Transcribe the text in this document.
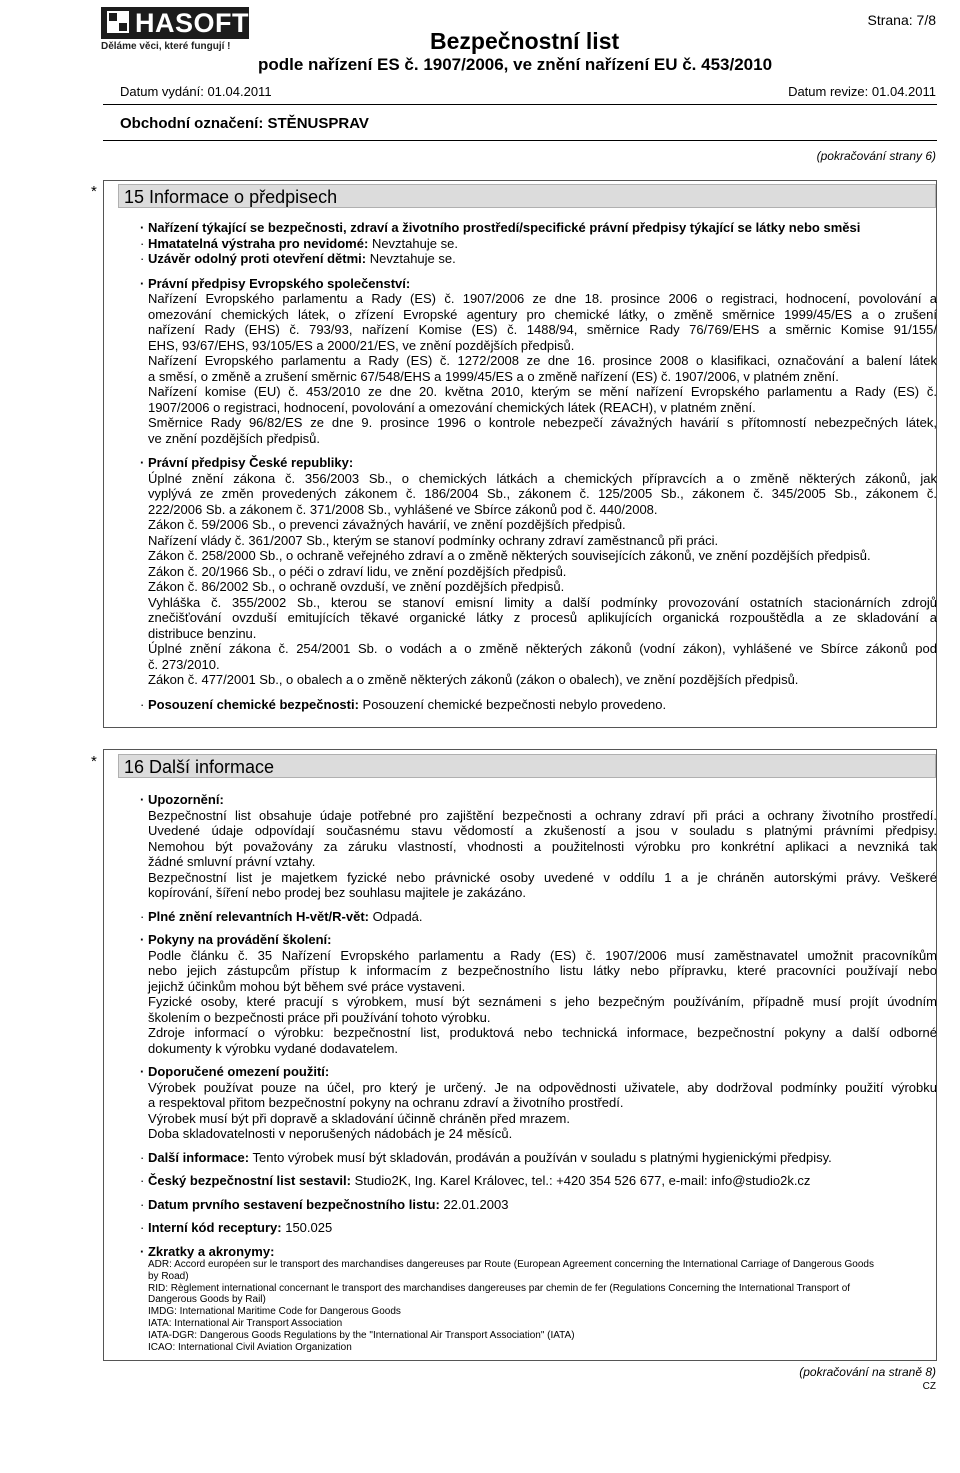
HASOFT
Děláme věci, které fungují !
Strana: 7/8
Bezpečnostní list
podle nařízení ES č. 1907/2006, ve znění nařízení EU č. 453/2010
Datum vydání: 01.04.2011	Datum revize: 01.04.2011
Obchodní označení: STĚNUSPRAV
(pokračování strany 6)
*	15 Informace o předpisech
· Nařízení týkající se bezpečnosti, zdraví a životního prostředí/specifické právní předpisy týkající se látky nebo směsi
· Hmatatelná výstraha pro nevidomé: Nevztahuje se.
· Uzávěr odolný proti otevření dětmi: Nevztahuje se.
· Právní předpisy Evropského společenství:
Nařízení Evropského parlamentu a Rady (ES) č. 1907/2006 ze dne 18. prosince 2006 o registraci, hodnocení, povolování a
omezování chemických látek, o zřízení Evropské agentury pro chemické látky, o změně směrnice 1999/45/ES a o zrušení
nařízení Rady (EHS) č. 793/93, nařízení Komise (ES) č. 1488/94, směrnice Rady 76/769/EHS a směrnic Komise 91/155/
EHS, 93/67/EHS, 93/105/ES a 2000/21/ES, ve znění pozdějších předpisů.
Nařízení Evropského parlamentu a Rady (ES) č. 1272/2008 ze dne 16. prosince 2008 o klasifikaci, označování a balení látek
a směsí, o změně a zrušení směrnic 67/548/EHS a 1999/45/ES a o změně nařízení (ES) č. 1907/2006, v platném znění.
Nařízení komise (EU) č. 453/2010 ze dne 20. května 2010, kterým se mění nařízení Evropského parlamentu a Rady (ES) č.
1907/2006 o registraci, hodnocení, povolování a omezování chemických látek (REACH), v platném znění.
Směrnice Rady 96/82/ES ze dne 9. prosince 1996 o kontrole nebezpečí závažných havárií s přítomností nebezpečných látek,
ve znění pozdějších předpisů.
· Právní předpisy České republiky:
Úplné znění zákona č. 356/2003 Sb., o chemických látkách a chemických přípravcích a o změně některých zákonů, jak
vyplývá ze změn provedených zákonem č. 186/2004 Sb., zákonem č. 125/2005 Sb., zákonem č. 345/2005 Sb., zákonem č.
222/2006 Sb. a zákonem č. 371/2008 Sb., vyhlášené ve Sbírce zákonů pod č. 440/2008.
Zákon č. 59/2006 Sb., o prevenci závažných havárií, ve znění pozdějších předpisů.
Nařízení vlády č. 361/2007 Sb., kterým se stanoví podmínky ochrany zdraví zaměstnanců při práci.
Zákon č. 258/2000 Sb., o ochraně veřejného zdraví a o změně některých souvisejících zákonů, ve znění pozdějších předpisů.
Zákon č. 20/1966 Sb., o péči o zdraví lidu, ve znění pozdějších předpisů.
Zákon č. 86/2002 Sb., o ochraně ovzduší, ve znění pozdějších předpisů.
Vyhláška č. 355/2002 Sb., kterou se stanoví emisní limity a další podmínky provozování ostatních stacionárních zdrojů
znečišťování ovzduší emitujících těkavé organické látky z procesů aplikujících organická rozpouštědla a ze skladování a
distribuce benzinu.
Úplné znění zákona č. 254/2001 Sb. o vodách a o změně některých zákonů (vodní zákon), vyhlášené ve Sbírce zákonů pod
č. 273/2010.
Zákon č. 477/2001 Sb., o obalech a o změně některých zákonů (zákon o obalech), ve znění pozdějších předpisů.
· Posouzení chemické bezpečnosti: Posouzení chemické bezpečnosti nebylo provedeno.
*	16 Další informace
· Upozornění:
Bezpečnostní list obsahuje údaje potřebné pro zajištění bezpečnosti a ochrany zdraví při práci a ochrany životního prostředí.
Uvedené údaje odpovídají současnému stavu vědomostí a zkušeností a jsou v souladu s platnými právními předpisy.
Nemohou být považovány za záruku vlastností, vhodnosti a použitelnosti výrobku pro konkrétní aplikaci a nevzniká tak
žádné smluvní právní vztahy.
Bezpečnostní list je majetkem fyzické nebo právnické osoby uvedené v oddílu 1 a je chráněn autorskými právy. Veškeré
kopírování, šíření nebo prodej bez souhlasu majitele je zakázáno.
· Plné znění relevantních H-vět/R-vět: Odpadá.
· Pokyny na provádění školení:
Podle článku č. 35 Nařízení Evropského parlamentu a Rady (ES) č. 1907/2006 musí zaměstnavatel umožnit pracovníkům
nebo jejich zástupcům přístup k informacím z bezpečnostního listu látky nebo přípravku, které pracovníci používají nebo
jejichž účinkům mohou být během své práce vystaveni.
Fyzické osoby, které pracují s výrobkem, musí být seznámeni s jeho bezpečným používáním, případně musí projít úvodním
školením o bezpečnosti práce při používání tohoto výrobku.
Zdroje informací o výrobku: bezpečnostní list, produktová nebo technická informace, bezpečnostní pokyny a další odborné
dokumenty k výrobku vydané dodavatelem.
· Doporučené omezení použití:
Výrobek používat pouze na účel, pro který je určený. Je na odpovědnosti uživatele, aby dodržoval podmínky použití výrobku
a respektoval přitom bezpečnostní pokyny na ochranu zdraví a životního prostředí.
Výrobek musí být při dopravě a skladování účinně chráněn před mrazem.
Doba skladovatelnosti v neporušených nádobách je 24 měsíců.
· Další informace: Tento výrobek musí být skladován, prodáván a používán v souladu s platnými hygienickými předpisy.
· Český bezpečnostní list sestavil: Studio2K, Ing. Karel Královec, tel.: +420 354 526 677, e-mail: info@studio2k.cz
· Datum prvního sestavení bezpečnostního listu: 22.01.2003
· Interní kód receptury: 150.025
· Zkratky a akronymy:
ADR: Accord européen sur le transport des marchandises dangereuses par Route (European Agreement concerning the International Carriage of Dangerous Goods
by Road)
RID: Règlement international concernant le transport des marchandises dangereuses par chemin de fer (Regulations Concerning the International Transport of
Dangerous Goods by Rail)
IMDG: International Maritime Code for Dangerous Goods
IATA: International Air Transport Association
IATA-DGR: Dangerous Goods Regulations by the "International Air Transport Association" (IATA)
ICAO: International Civil Aviation Organization
(pokračování na straně 8)
CZ
